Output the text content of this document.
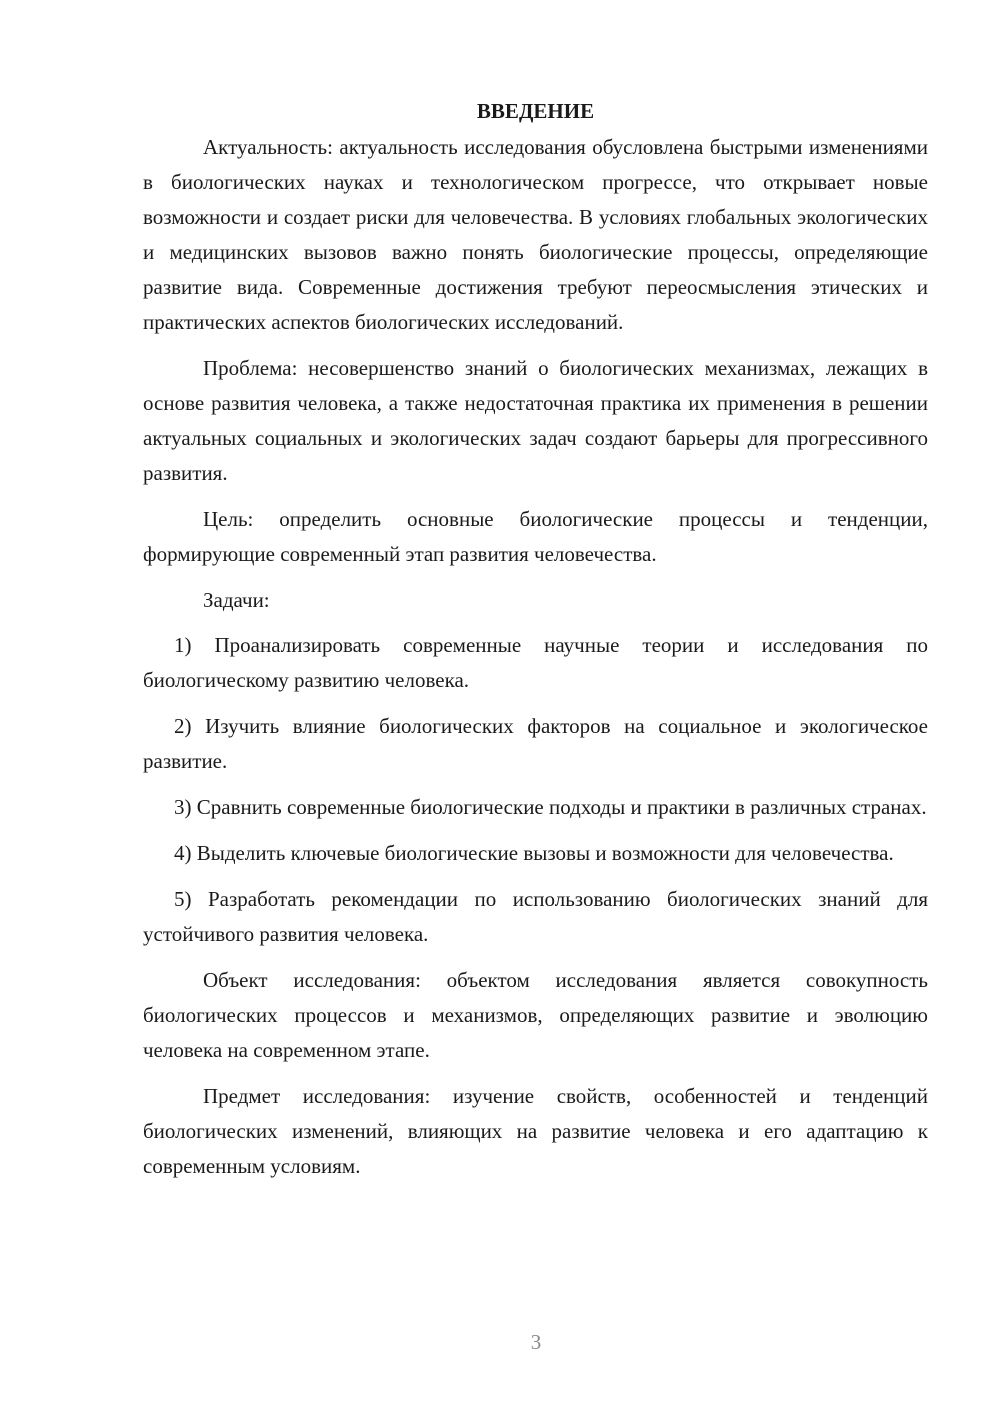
ВВЕДЕНИЕ

Актуальность: актуальность исследования обусловлена быстрыми изменениями в биологических науках и технологическом прогрессе, что открывает новые возможности и создает риски для человечества. В условиях глобальных экологических и медицинских вызовов важно понять биологические процессы, определяющие развитие вида. Современные достижения требуют переосмысления этических и практических аспектов биологических исследований.

Проблема: несовершенство знаний о биологических механизмах, лежащих в основе развития человека, а также недостаточная практика их применения в решении актуальных социальных и экологических задач создают барьеры для прогрессивного развития.

Цель: определить основные биологические процессы и тенденции, формирующие современный этап развития человечества.

Задачи:

1) Проанализировать современные научные теории и исследования по биологическому развитию человека.

2) Изучить влияние биологических факторов на социальное и экологическое развитие.

3) Сравнить современные биологические подходы и практики в различных странах.

4) Выделить ключевые биологические вызовы и возможности для человечества.

5) Разработать рекомендации по использованию биологических знаний для устойчивого развития человека.

Объект исследования: объектом исследования является совокупность биологических процессов и механизмов, определяющих развитие и эволюцию человека на современном этапе.

Предмет исследования: изучение свойств, особенностей и тенденций биологических изменений, влияющих на развитие человека и его адаптацию к современным условиям.

3
